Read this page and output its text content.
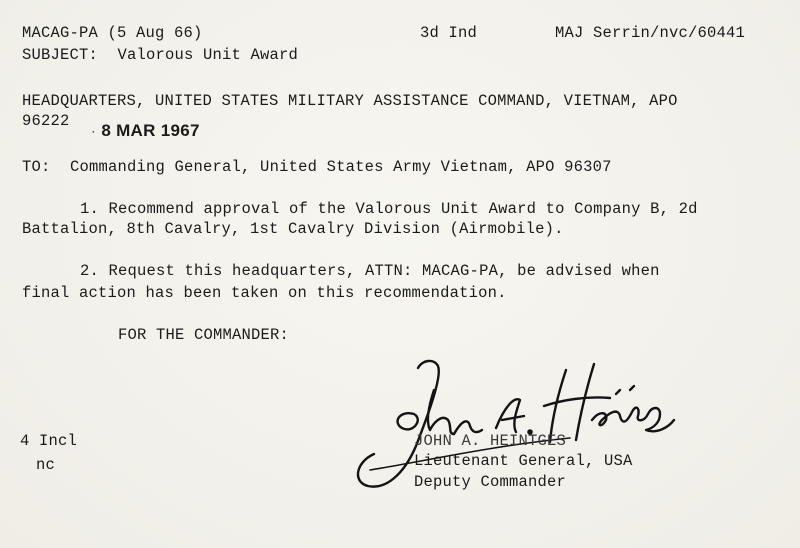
MACAG-PA (5 Aug 66)	3d Ind	MAJ Serrin/nvc/60441
SUBJECT: Valorous Unit Award
HEADQUARTERS, UNITED STATES MILITARY ASSISTANCE COMMAND, VIETNAM, APO
96222
· 8 MAR 1967
TO: Commanding General, United States Army Vietnam, APO 96307
1. Recommend approval of the Valorous Unit Award to Company B, 2d
Battalion, 8th Cavalry, 1st Cavalry Division (Airmobile).
2. Request this headquarters, ATTN: MACAG-PA, be advised when
final action has been taken on this recommendation.
FOR THE COMMANDER:
JOHN A. HEINTGES
Lieutenant General, USA
Deputy Commander
4 Incl
nc
